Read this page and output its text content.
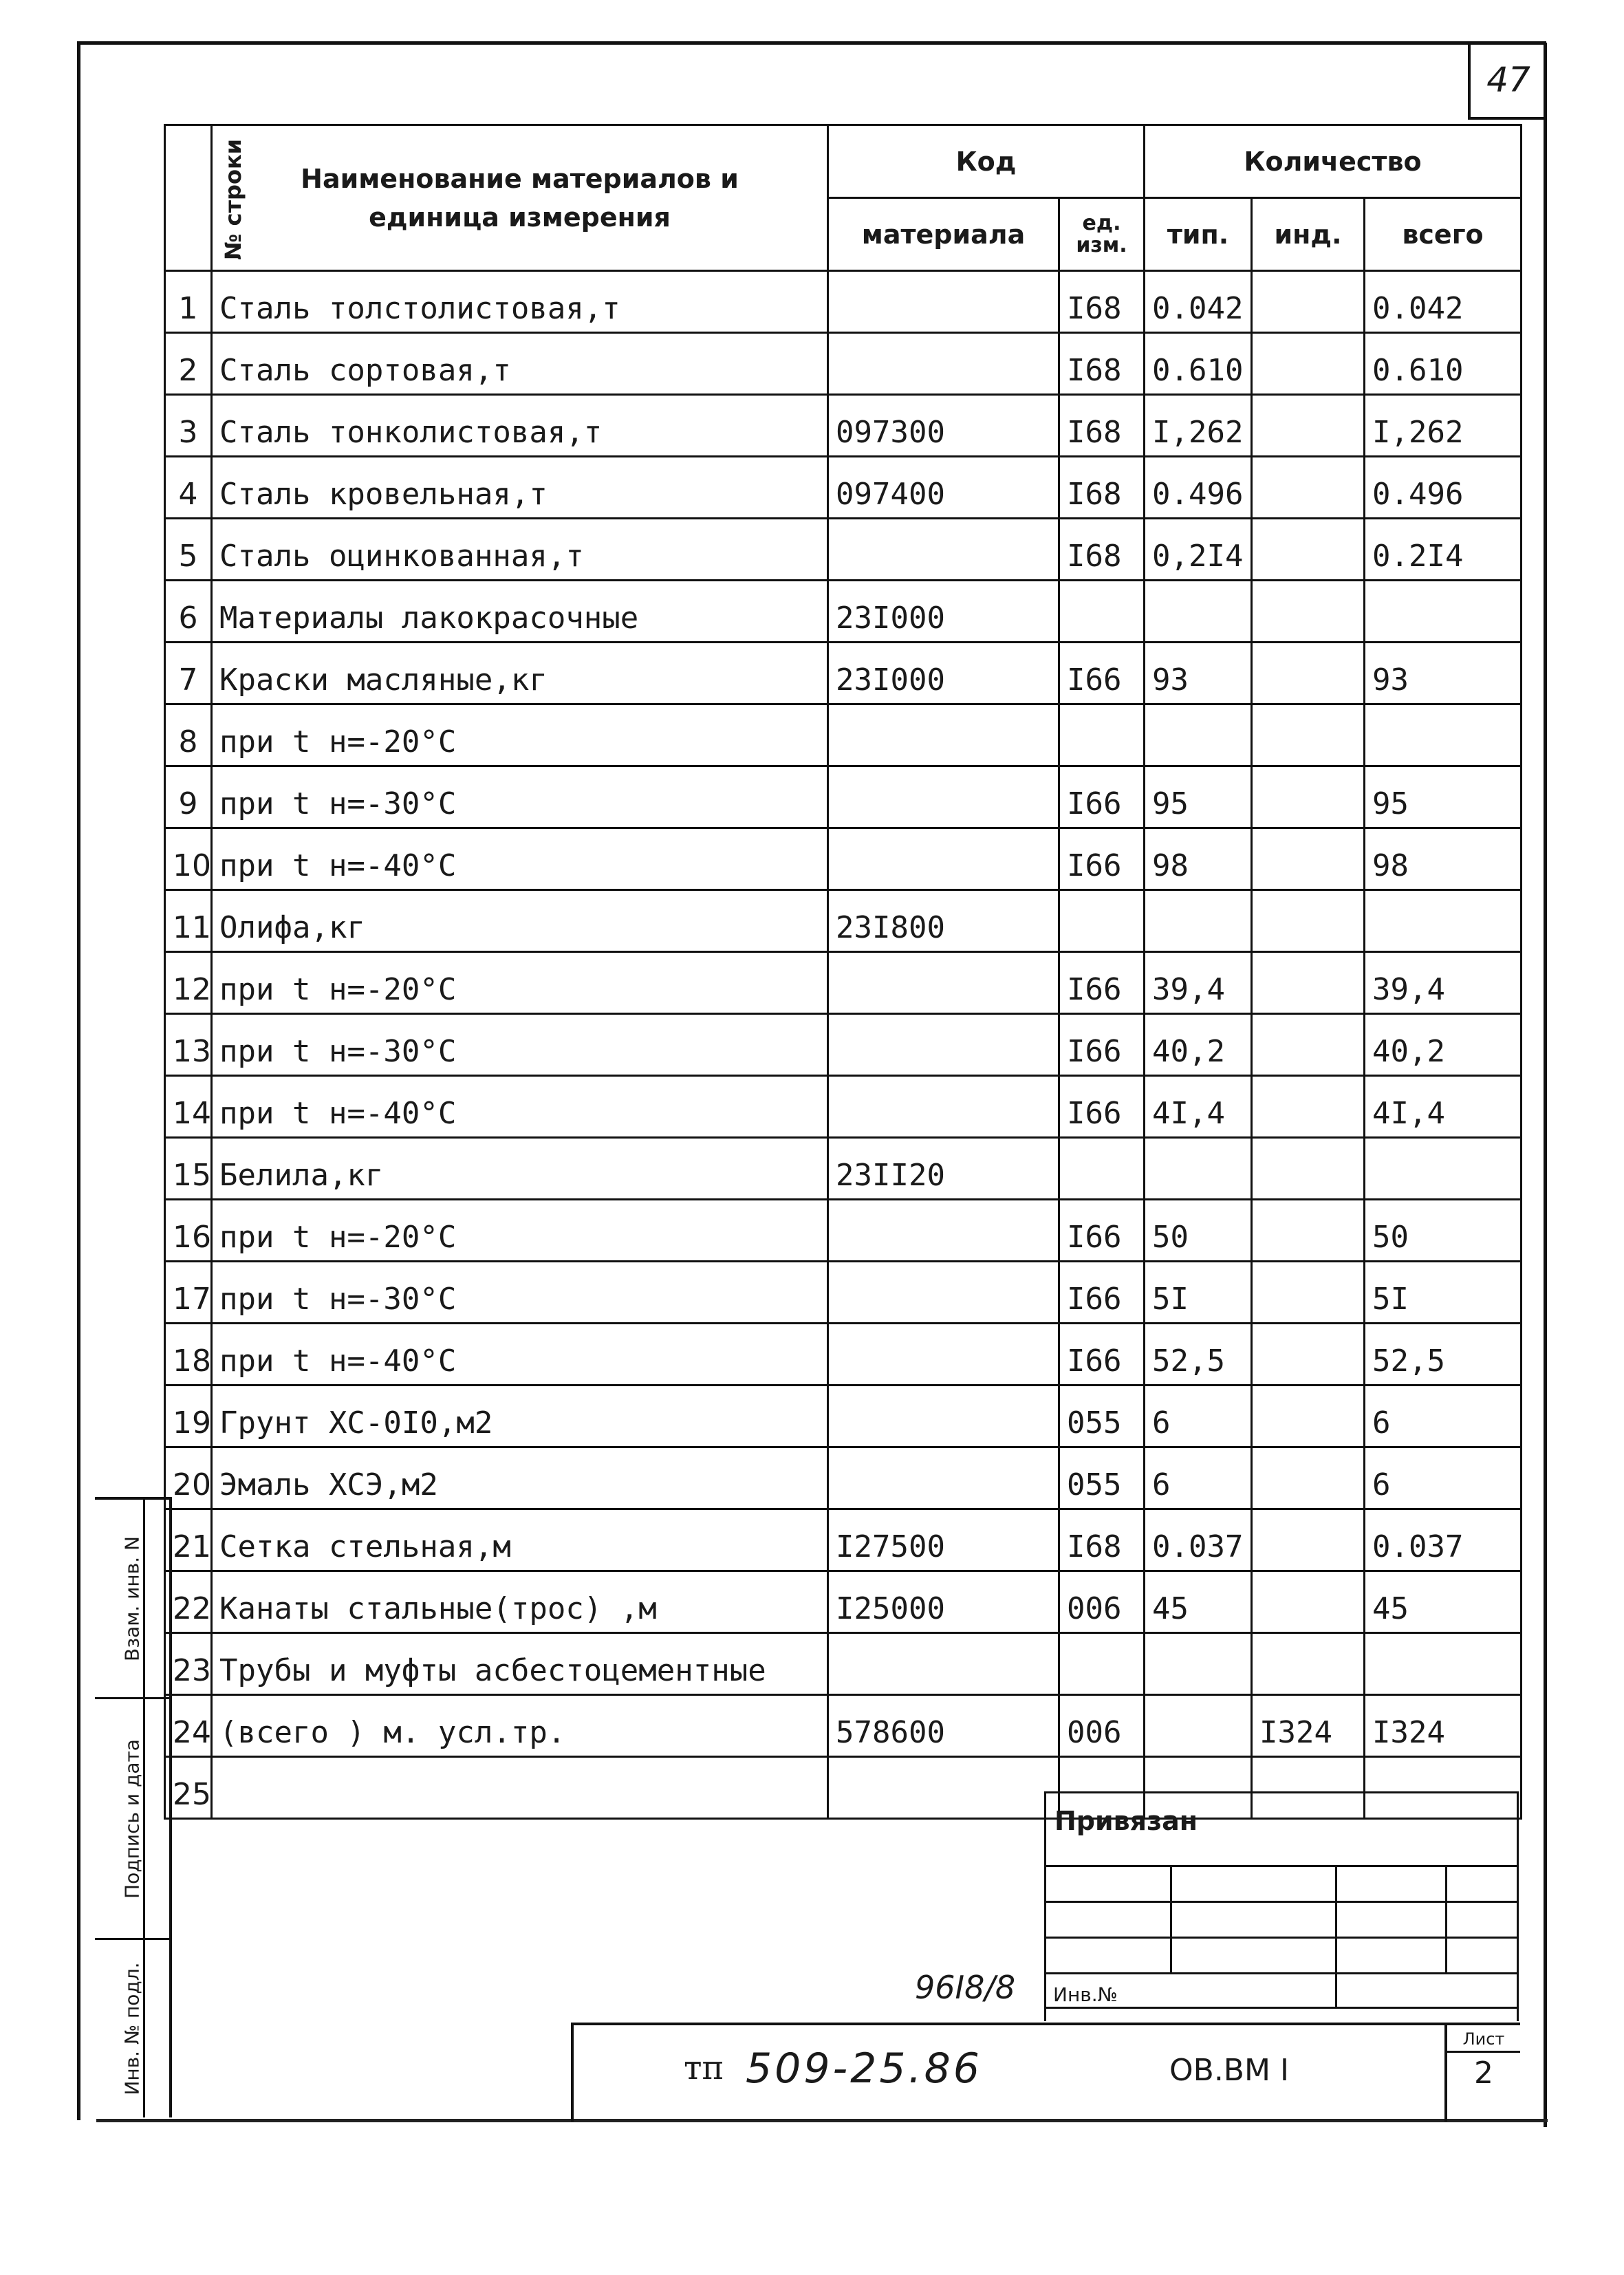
47
№ строки	Наименование материалов и единица измерения	Код		Количество		
		материала	ед. изм.	тип.	инд.	всего
1	Сталь толстолистовая,т		I68	0.042		0.042
2	Сталь сортовая,т		I68	0.610		0.610
3	Сталь тонколистовая,т	097300	I68	I,262		I,262
4	Сталь кровельная,т	097400	I68	0.496		0.496
5	Сталь оцинкованная,т		I68	0,2I4		0.2I4
6	Материалы лакокрасочные	23I000				
7	Краски масляные,кг	23I000	I66	93		93
8	при t н=-20°C					
9	при t н=-30°C		I66	95		95
10	при t н=-40°C		I66	98		98
11	Олифа,кг	23I800				
12	при t н=-20°C		I66	39,4		39,4
13	при t н=-30°C		I66	40,2		40,2
14	при t н=-40°C		I66	4I,4		4I,4
15	Белила,кг	23II20				
16	при t н=-20°C		I66	50		50
17	при t н=-30°C		I66	5I		5I
18	при t н=-40°C		I66	52,5		52,5
19	Грунт ХС-0I0,м2		055	6		6
20	Эмаль ХСЭ,м2		055	6		6
21	Сетка стельная,м	I27500	I68	0.037		0.037
22	Канаты стальные(трос) ,м	I25000	006	45		45
23	Трубы и муфты асбестоцементные					
24	(всего ) м. усл.тр.	578600	006		I324	I324
25						
Взам. инв. N
Подпись и дата
Инв. № подл.
Привязан
Инв.№
96I8/8
тп 509-25.86	ОВ.ВМ I
Лист
2
